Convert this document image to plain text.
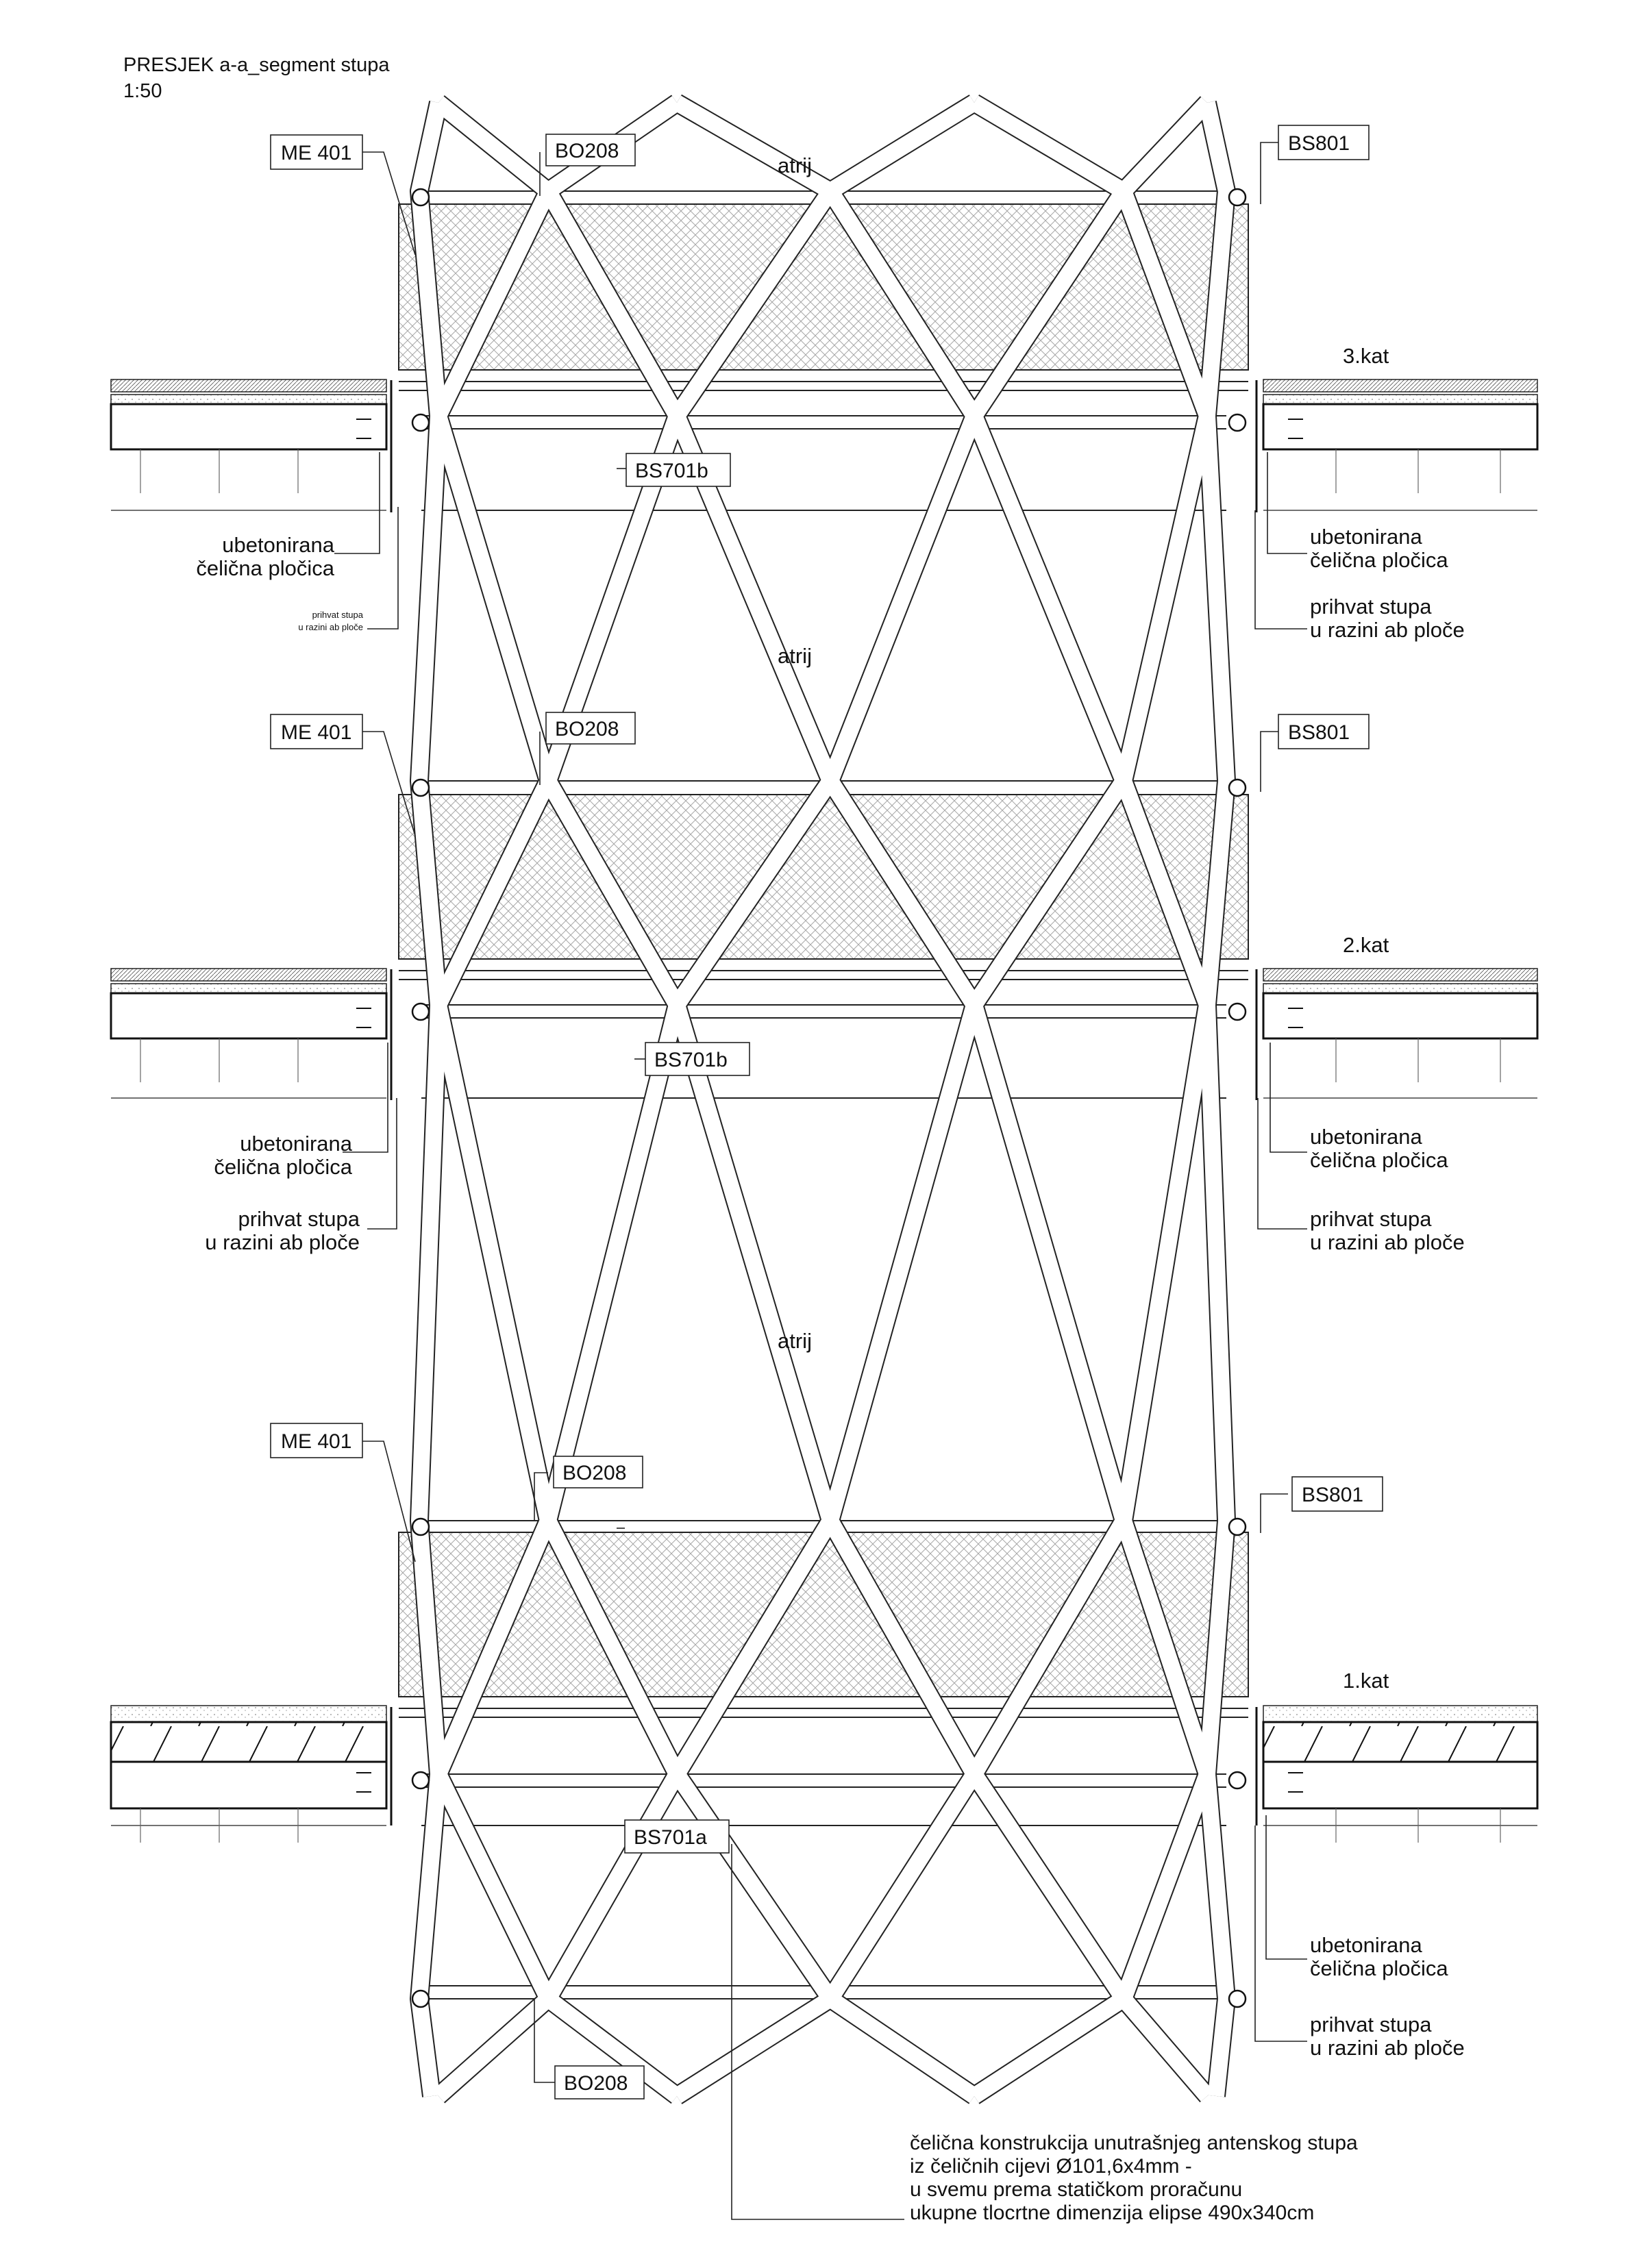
PRESJEK a-a_segment stupa
1:50
ME 401	BO208	BS801
BS701b
atrij
3.kat
ubetonirana
čelična pločica
prihvat stupa
u razini ab ploče
ubetonirana
čelična pločica
prihvat stupa
u razini ab ploče
ME 401	BO208	BS801
BS701b
atrij
2.kat
ubetonirana
čelična pločica
prihvat stupa
u razini ab ploče
ubetonirana
čelična pločica
prihvat stupa
u razini ab ploče
ME 401
BO208
BS801
BS701a
atrij
1.kat
ubetonirana
čelična pločica
prihvat stupa
u razini ab ploče
BO208
čelična konstrukcija unutrašnjeg antenskog stupa
iz čeličnih cijevi Ø101,6x4mm -
u svemu prema statičkom proračunu
ukupne tlocrtne dimenzija elipse 490x340cm
